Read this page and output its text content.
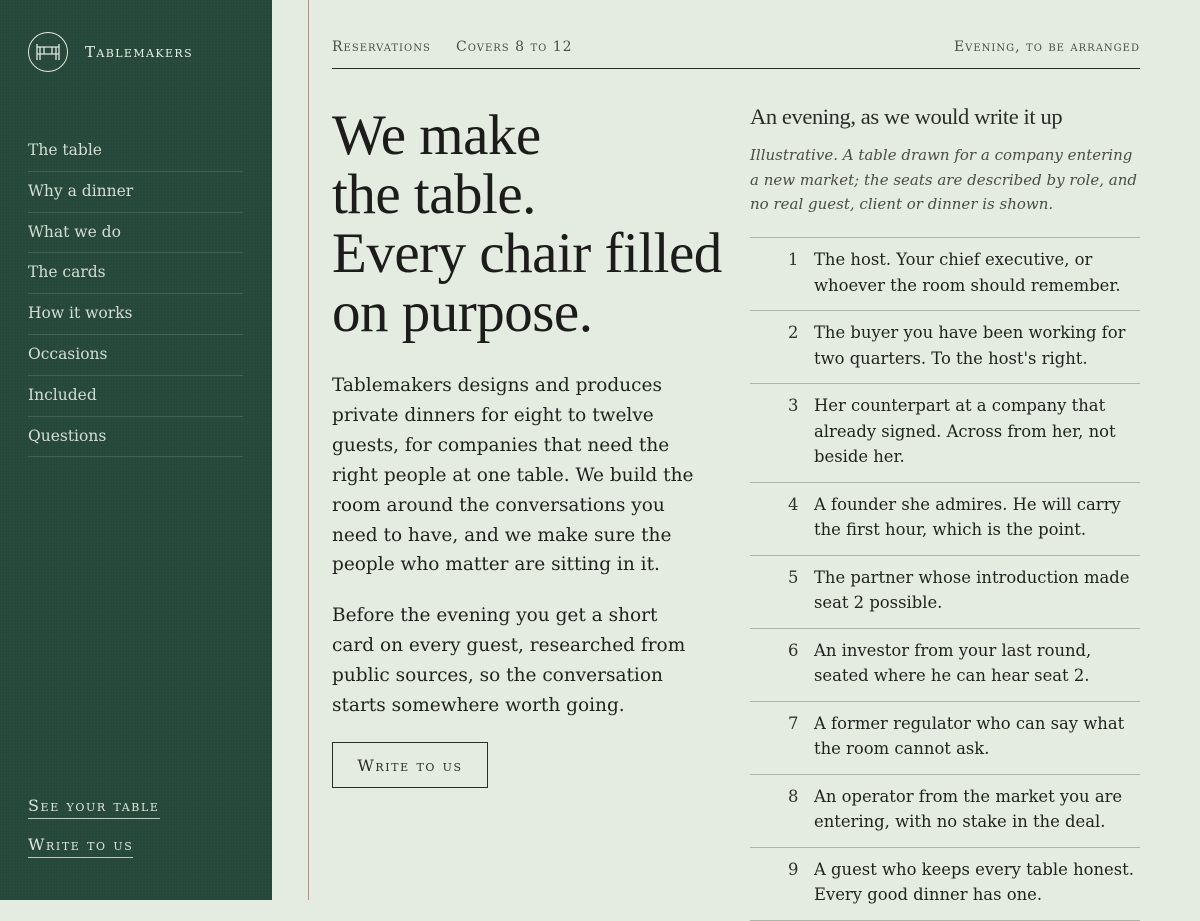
Tablemakers
The table
Why a dinner
What we do
The cards
How it works
Occasions
Included
Questions
See your table
Write to us
Reservations Covers 8 to 12	Evening, to be arranged
We make
the table.
Every chair filled
on purpose.

Tablemakers designs and produces private dinners for eight to twelve guests, for companies that need the right people at one table. We build the room around the conversations you need to have, and we make sure the people who matter are sitting in it.

Before the evening you get a short card on every guest, researched from public sources, so the conversation starts somewhere worth going.

Write to us
An evening, as we would write it up

Illustrative. A table drawn for a company entering a new market; the seats are described by role, and no real guest, client or dinner is shown.

1 The host. Your chief executive, or whoever the room should remember.
2 The buyer you have been working for two quarters. To the host's right.
3 Her counterpart at a company that already signed. Across from her, not beside her.
4 A founder she admires. He will carry the first hour, which is the point.
5 The partner whose introduction made seat 2 possible.
6 An investor from your last round, seated where he can hear seat 2.
7 A former regulator who can say what the room cannot ask.
8 An operator from the market you are entering, with no stake in the deal.
9 A guest who keeps every table honest. Every good dinner has one.
